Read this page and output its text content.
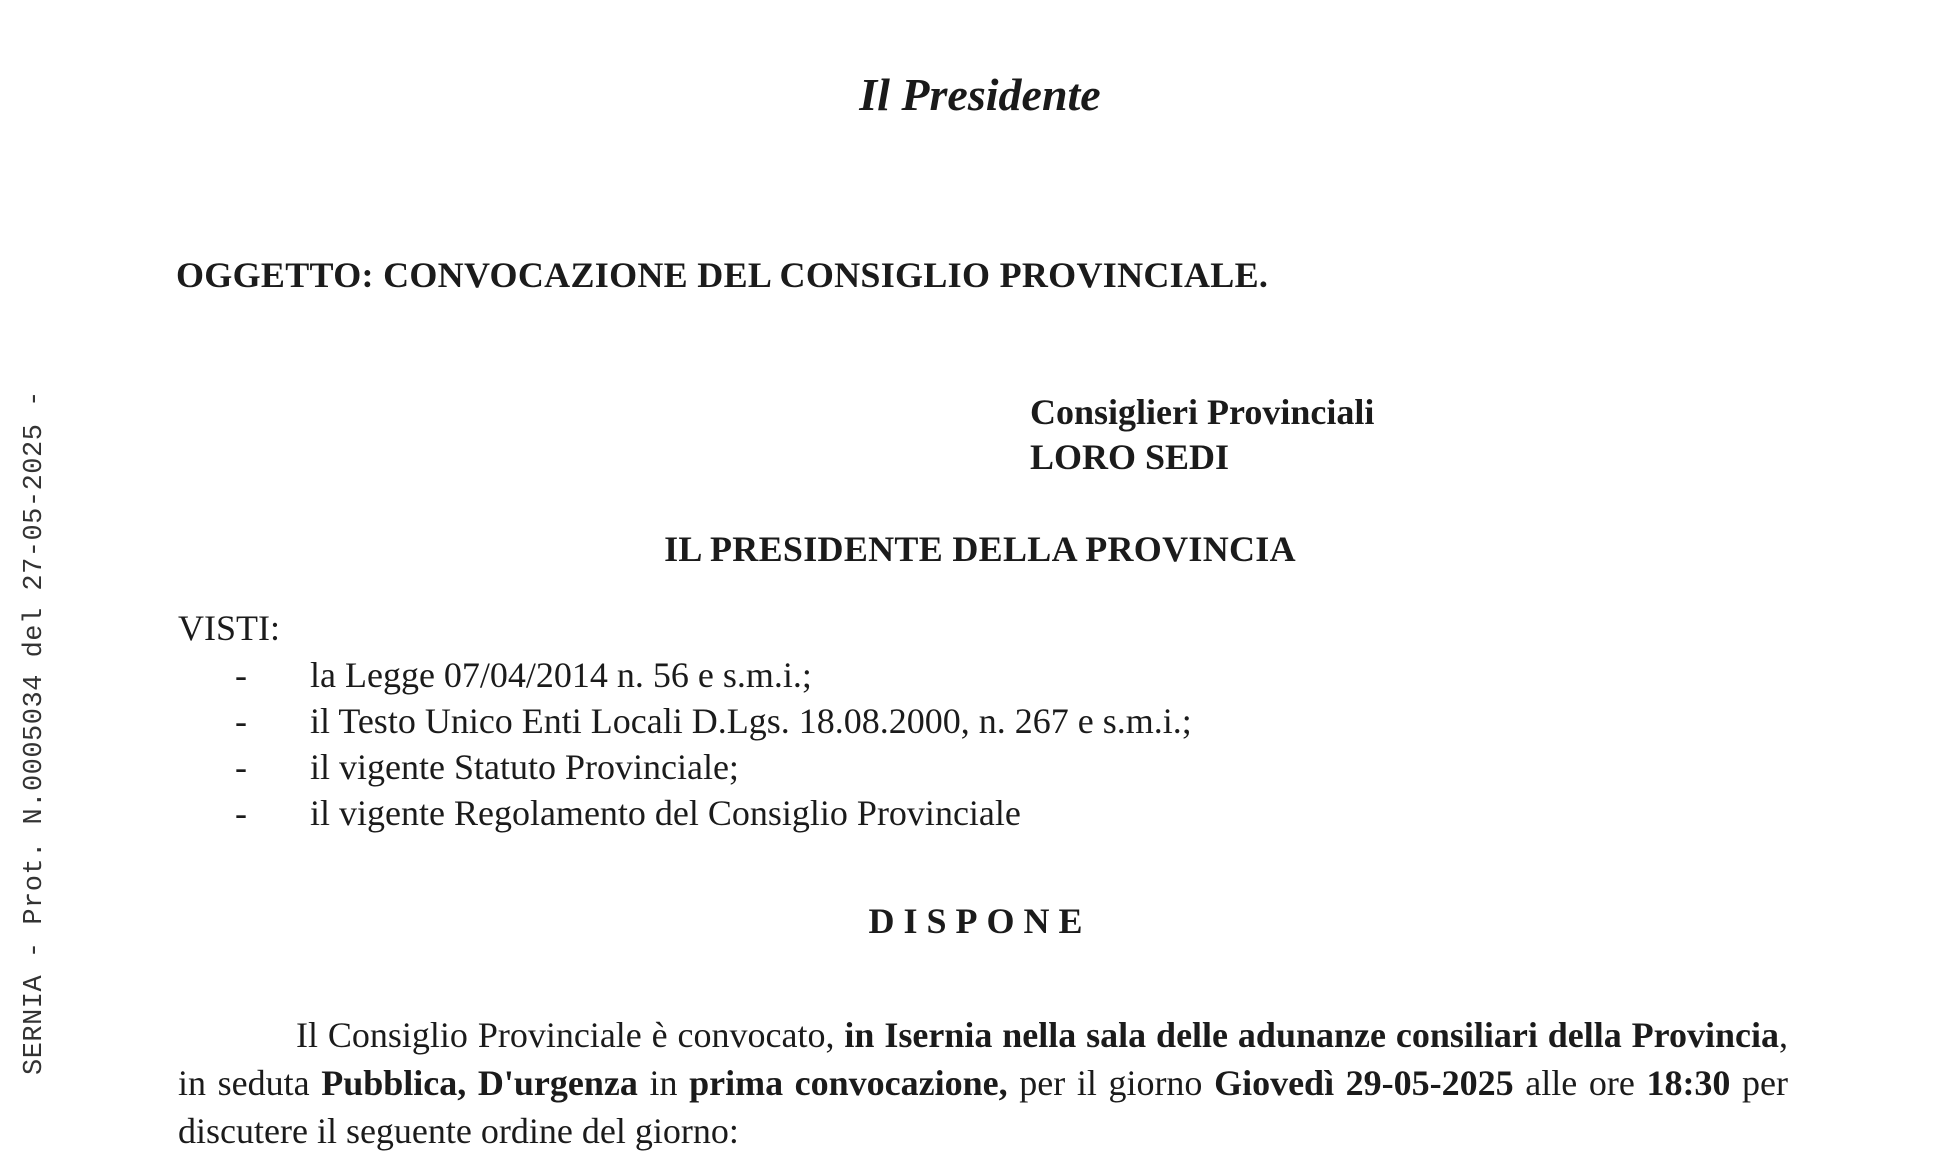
SERNIA - Prot. N.0005034 del 27-05-2025 -
Il Presidente
OGGETTO: CONVOCAZIONE DEL CONSIGLIO PROVINCIALE.
Consiglieri Provinciali
LORO SEDI
IL PRESIDENTE DELLA PROVINCIA
VISTI:
-	la Legge 07/04/2014 n. 56 e s.m.i.;
-	il Testo Unico Enti Locali D.Lgs. 18.08.2000, n. 267 e s.m.i.;
-	il vigente Statuto Provinciale;
-	il vigente Regolamento del Consiglio Provinciale
DISPONE

Il Consiglio Provinciale è convocato, in Isernia nella sala delle adunanze consiliari della Provincia, in seduta Pubblica, D'urgenza in prima convocazione, per il giorno Giovedì 29-05-2025 alle ore 18:30 per discutere il seguente ordine del giorno:
